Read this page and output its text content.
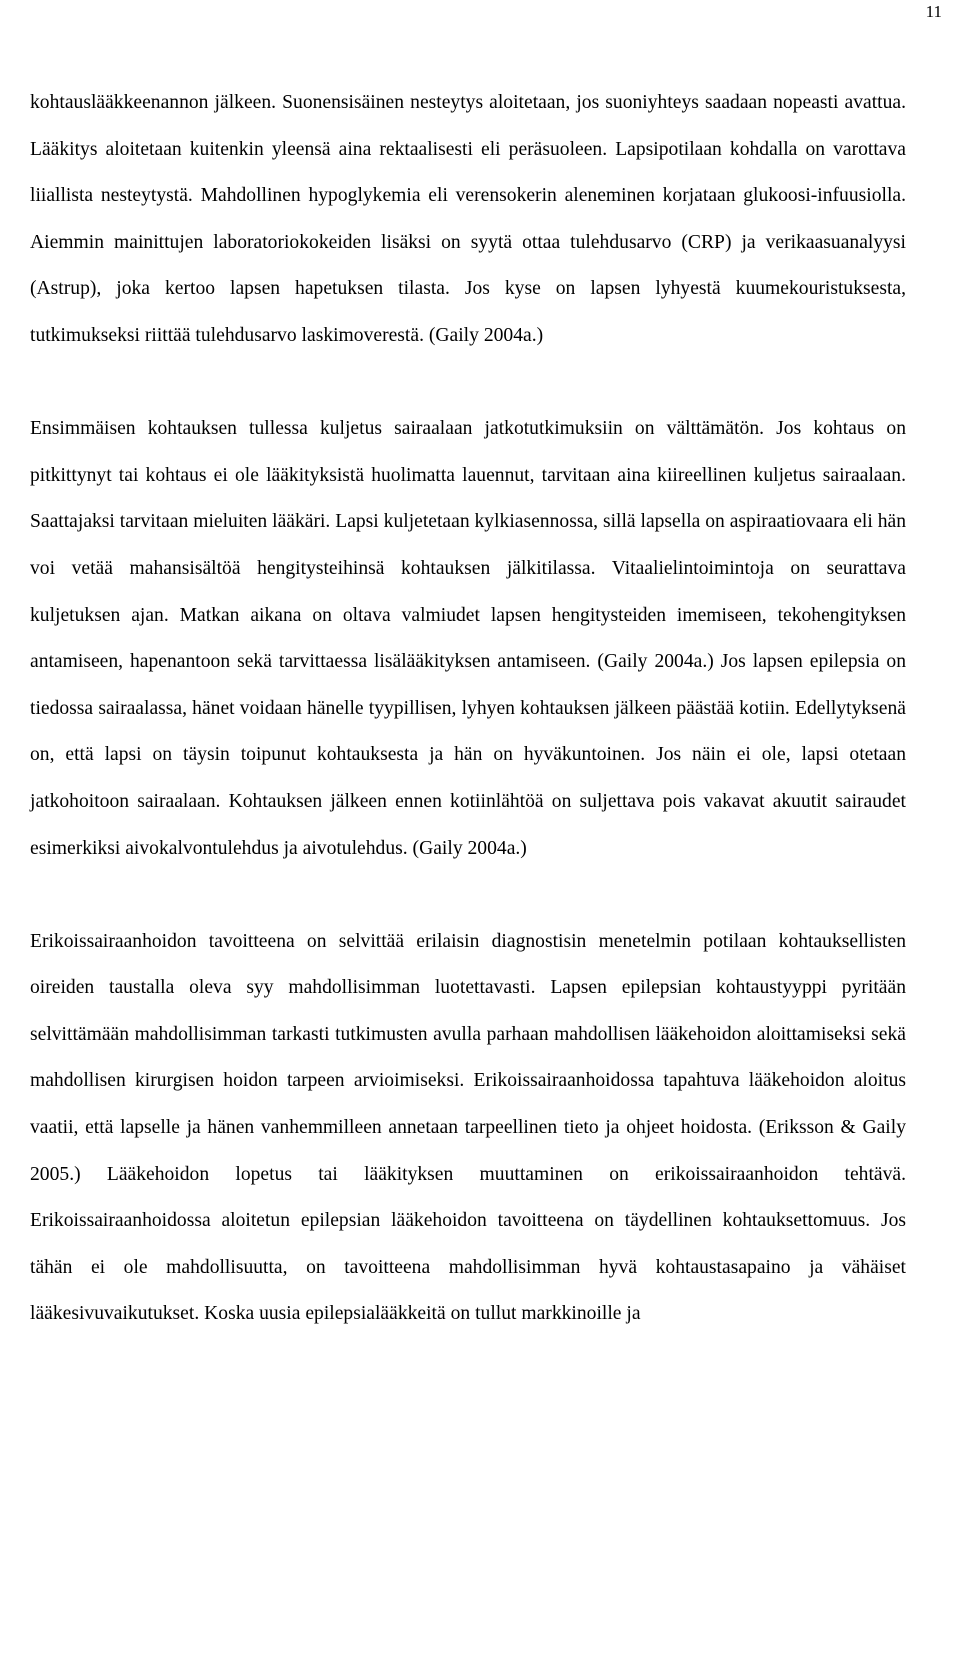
11

kohtauslääkkeenannon jälkeen. Suonensisäinen nesteytys aloitetaan, jos suoniyhteys saadaan nopeasti avattua. Lääkitys aloitetaan kuitenkin yleensä aina rektaalisesti eli peräsuoleen. Lapsipotilaan kohdalla on varottava liiallista nesteytystä. Mahdollinen hypoglykemia eli verensokerin aleneminen korjataan glukoosi-infuusiolla. Aiemmin mainittujen laboratoriokokeiden lisäksi on syytä ottaa tulehdusarvo (CRP) ja verikaasuanalyysi (Astrup), joka kertoo lapsen hapetuksen tilasta. Jos kyse on lapsen lyhyestä kuumekouristuksesta, tutkimukseksi riittää tulehdusarvo laskimoverestä. (Gaily 2004a.)

Ensimmäisen kohtauksen tullessa kuljetus sairaalaan jatkotutkimuksiin on välttämätön. Jos kohtaus on pitkittynyt tai kohtaus ei ole lääkityksistä huolimatta lauennut, tarvitaan aina kiireellinen kuljetus sairaalaan. Saattajaksi tarvitaan mieluiten lääkäri. Lapsi kuljetetaan kylkiasennossa, sillä lapsella on aspiraatiovaara eli hän voi vetää mahansisältöä hengitysteihinsä kohtauksen jälkitilassa. Vitaalielintoimintoja on seurattava kuljetuksen ajan. Matkan aikana on oltava valmiudet lapsen hengitysteiden imemiseen, tekohengityksen antamiseen, hapenantoon sekä tarvittaessa lisälääkityksen antamiseen. (Gaily 2004a.) Jos lapsen epilepsia on tiedossa sairaalassa, hänet voidaan hänelle tyypillisen, lyhyen kohtauksen jälkeen päästää kotiin. Edellytyksenä on, että lapsi on täysin toipunut kohtauksesta ja hän on hyväkuntoinen. Jos näin ei ole, lapsi otetaan jatkohoitoon sairaalaan. Kohtauksen jälkeen ennen kotiinlähtöä on suljettava pois vakavat akuutit sairaudet esimerkiksi aivokalvontulehdus ja aivotulehdus. (Gaily 2004a.)

Erikoissairaanhoidon tavoitteena on selvittää erilaisin diagnostisin menetelmin potilaan kohtauksellisten oireiden taustalla oleva syy mahdollisimman luotettavasti. Lapsen epilepsian kohtaustyyppi pyritään selvittämään mahdollisimman tarkasti tutkimusten avulla parhaan mahdollisen lääkehoidon aloittamiseksi sekä mahdollisen kirurgisen hoidon tarpeen arvioimiseksi. Erikoissairaanhoidossa tapahtuva lääkehoidon aloitus vaatii, että lapselle ja hänen vanhemmilleen annetaan tarpeellinen tieto ja ohjeet hoidosta. (Eriksson & Gaily 2005.) Lääkehoidon lopetus tai lääkityksen muuttaminen on erikoissairaanhoidon tehtävä. Erikoissairaanhoidossa aloitetun epilepsian lääkehoidon tavoitteena on täydellinen kohtauksettomuus. Jos tähän ei ole mahdollisuutta, on tavoitteena mahdollisimman hyvä kohtaustasapaino ja vähäiset lääkesivuvaikutukset. Koska uusia epilepsialääkkeitä on tullut markkinoille ja
